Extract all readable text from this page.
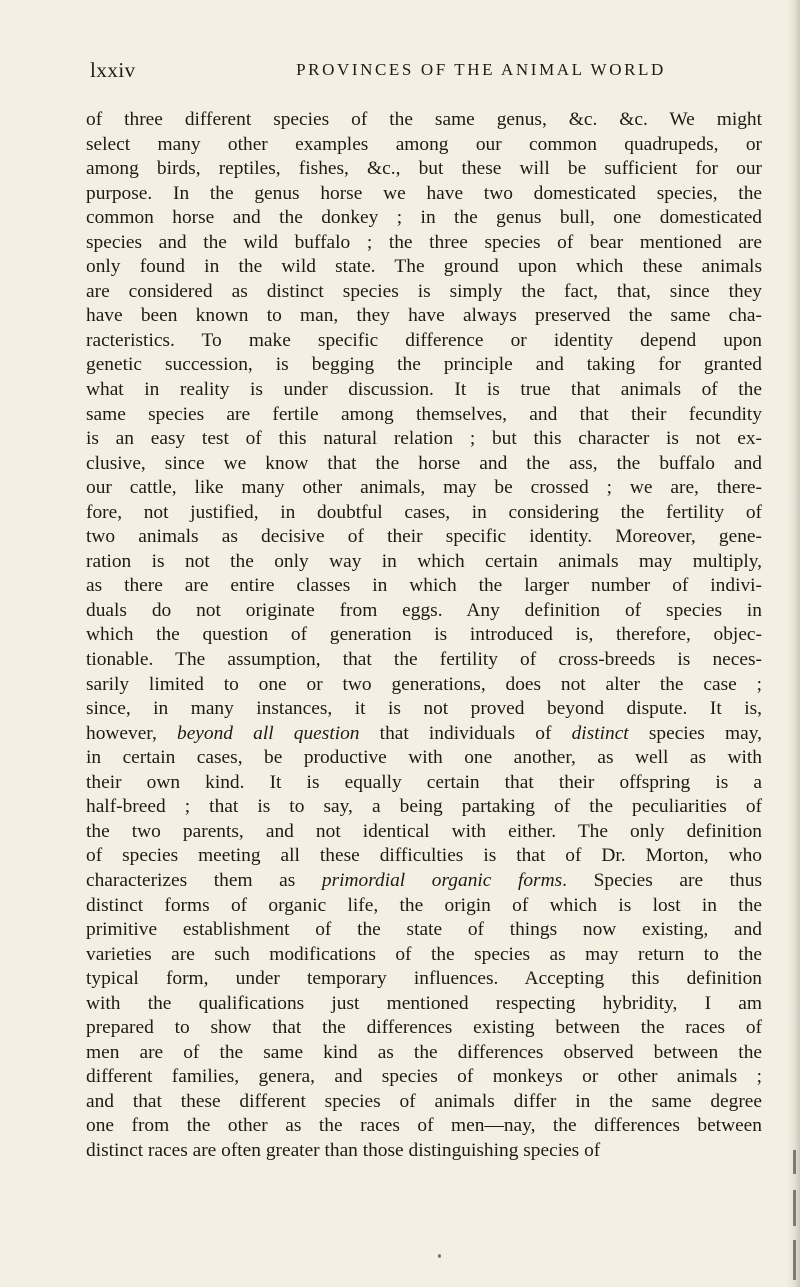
lxxiv	PROVINCES OF THE ANIMAL WORLD
of three different species of the same genus, &c. &c. We might
select many other examples among our common quadrupeds, or
among birds, reptiles, fishes, &c., but these will be sufficient for our
purpose. In the genus horse we have two domesticated species, the
common horse and the donkey ; in the genus bull, one domesticated
species and the wild buffalo ; the three species of bear mentioned are
only found in the wild state. The ground upon which these animals
are considered as distinct species is simply the fact, that, since they
have been known to man, they have always preserved the same cha-
racteristics. To make specific difference or identity depend upon
genetic succession, is begging the principle and taking for granted
what in reality is under discussion. It is true that animals of the
same species are fertile among themselves, and that their fecundity
is an easy test of this natural relation ; but this character is not ex-
clusive, since we know that the horse and the ass, the buffalo and
our cattle, like many other animals, may be crossed ; we are, there-
fore, not justified, in doubtful cases, in considering the fertility of
two animals as decisive of their specific identity. Moreover, gene-
ration is not the only way in which certain animals may multiply,
as there are entire classes in which the larger number of indivi-
duals do not originate from eggs. Any definition of species in
which the question of generation is introduced is, therefore, objec-
tionable. The assumption, that the fertility of cross-breeds is neces-
sarily limited to one or two generations, does not alter the case ;
since, in many instances, it is not proved beyond dispute. It is,
however, beyond all question that individuals of distinct species may,
in certain cases, be productive with one another, as well as with
their own kind. It is equally certain that their offspring is a
half-breed ; that is to say, a being partaking of the peculiarities of
the two parents, and not identical with either. The only definition
of species meeting all these difficulties is that of Dr. Morton, who
characterizes them as primordial organic forms. Species are thus
distinct forms of organic life, the origin of which is lost in the
primitive establishment of the state of things now existing, and
varieties are such modifications of the species as may return to the
typical form, under temporary influences. Accepting this definition
with the qualifications just mentioned respecting hybridity, I am
prepared to show that the differences existing between the races of
men are of the same kind as the differences observed between the
different families, genera, and species of monkeys or other animals ;
and that these different species of animals differ in the same degree
one from the other as the races of men—nay, the differences between
distinct races are often greater than those distinguishing species of
